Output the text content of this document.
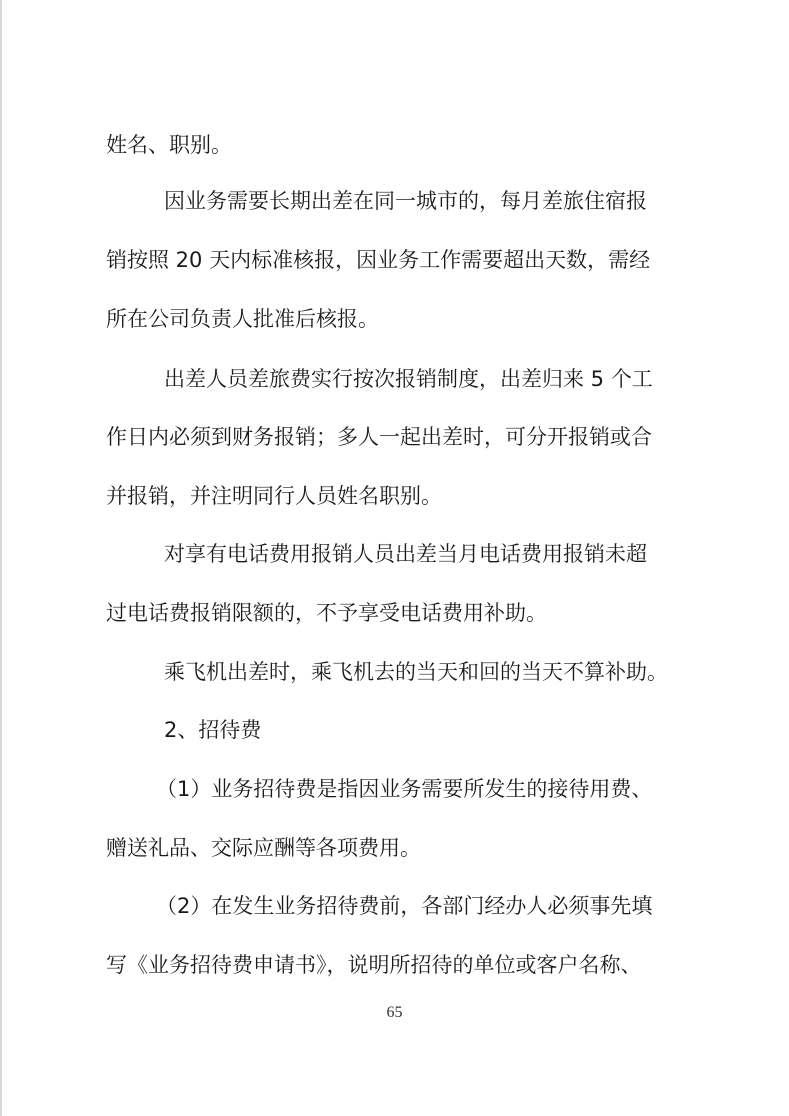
姓名、职别。

因业务需要长期出差在同一城市的，每月差旅住宿报

销按照 20 天内标准核报，因业务工作需要超出天数，需经

所在公司负责人批准后核报。

出差人员差旅费实行按次报销制度，出差归来 5 个工

作日内必须到财务报销；多人一起出差时，可分开报销或合

并报销，并注明同行人员姓名职别。

对享有电话费用报销人员出差当月电话费用报销未超

过电话费报销限额的，不予享受电话费用补助。

乘飞机出差时，乘飞机去的当天和回的当天不算补助。

2、招待费

（1）业务招待费是指因业务需要所发生的接待用费、

赠送礼品、交际应酬等各项费用。

（2）在发生业务招待费前，各部门经办人必须事先填

写《业务招待费申请书》，说明所招待的单位或客户名称、

65
